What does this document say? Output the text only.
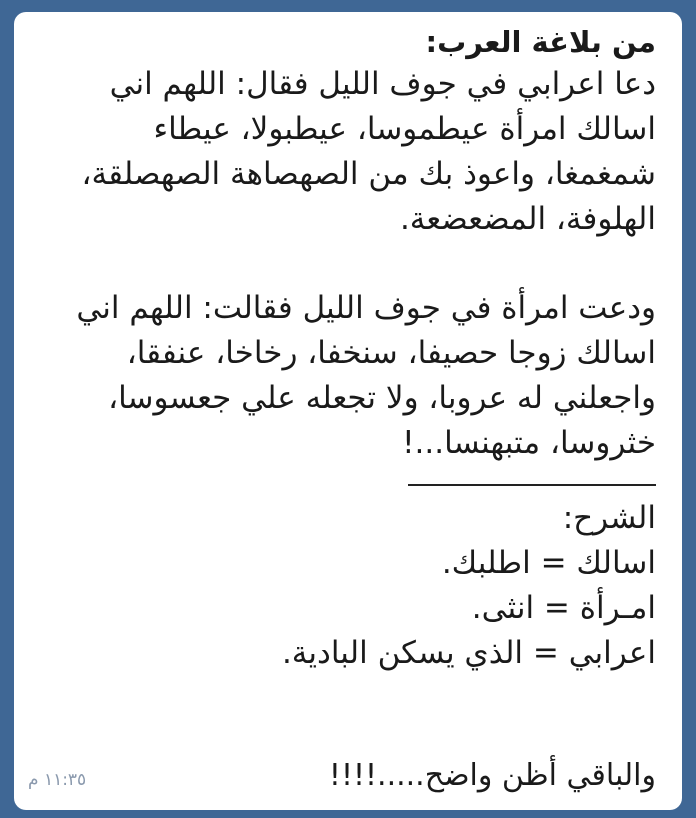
من بلاغة العرب:
دعا اعرابي في جوف الليل فقال: اللهم اني
اسالك امرأة عيطموسا، عيطبولا، عيطاء
شمغمغا، واعوذ بك من الصهصاهة الصهصلقة،
الهلوفة، المضعضعة.
ودعت امرأة في جوف الليل فقالت: اللهم اني
اسالك زوجا حصيفا، سنخفا، رخاخا، عنفقا،
واجعلني له عروبا، ولا تجعله علي جعسوسا،
خثروسا، متبهنسا...!
الشرح:
اسالك = اطلبك.
امـرأة = انثى.
اعرابي = الذي يسكن البادية.
والباقي أظن واضح.....!!!!
١١:٣٥ م
